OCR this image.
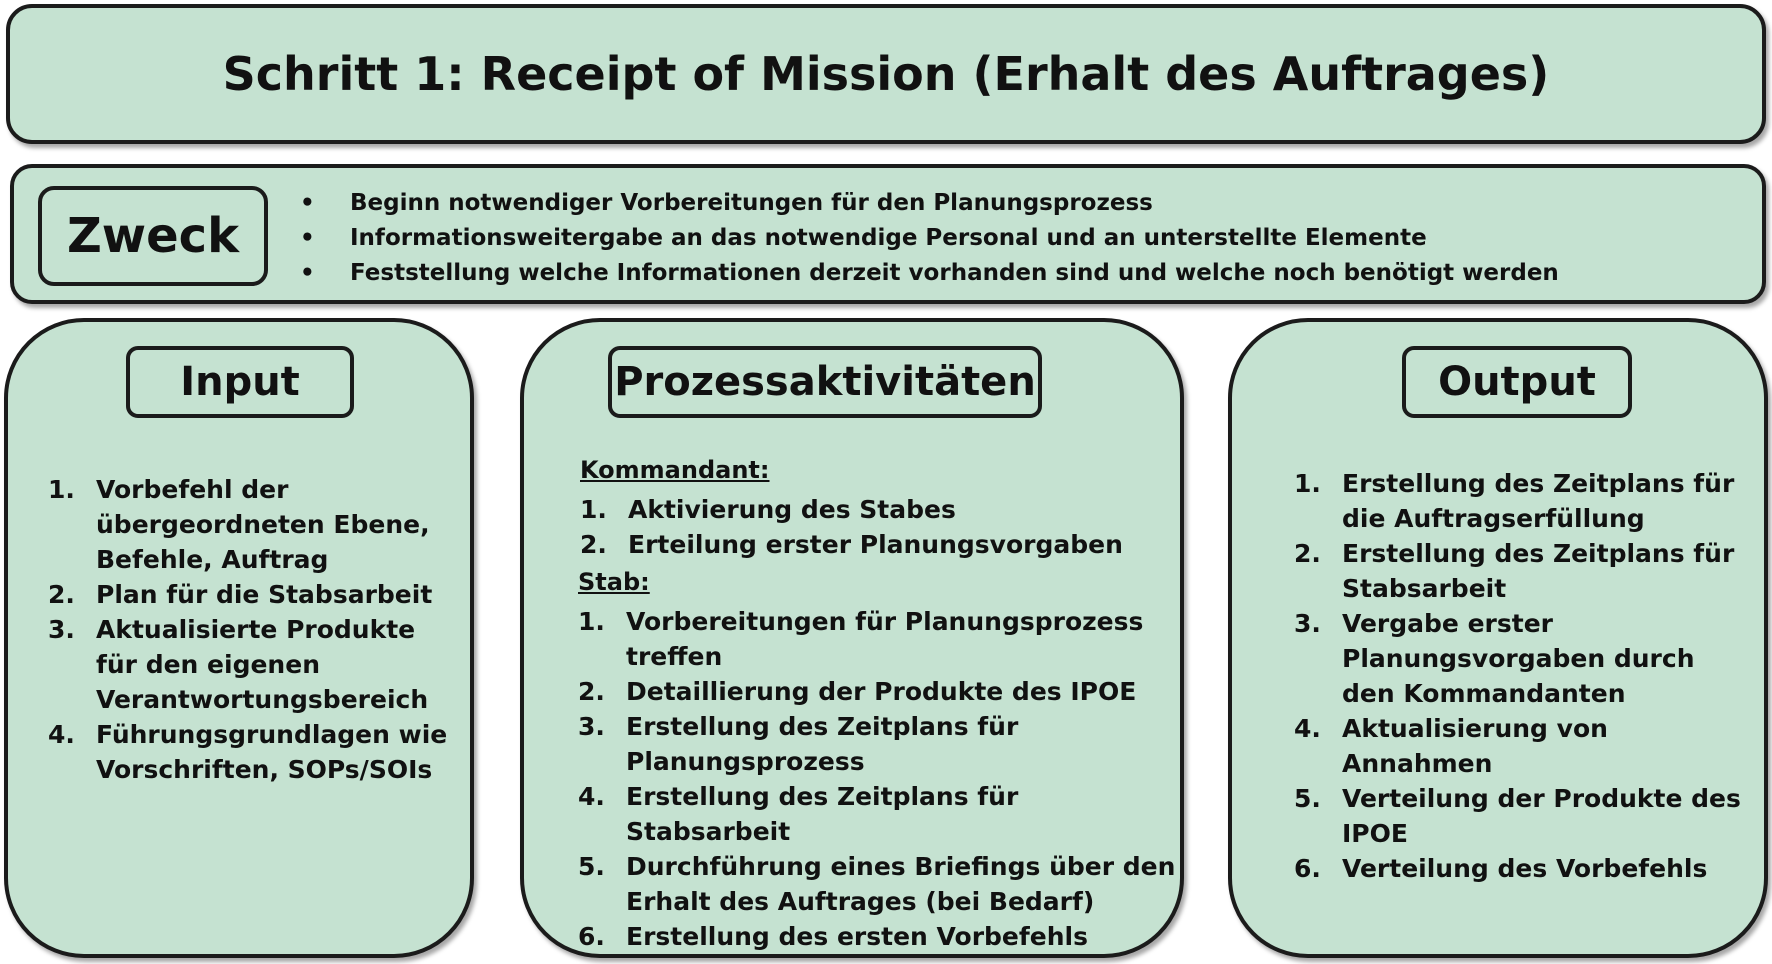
Schritt 1: Receipt of Mission (Erhalt des Auftrages)
Zweck
• Beginn notwendiger Vorbereitungen für den Planungsprozess
• Informationsweitergabe an das notwendige Personal und an unterstellte Elemente
• Feststellung welche Informationen derzeit vorhanden sind und welche noch benötigt werden
Input
1. Vorbefehl der übergeordneten Ebene, Befehle, Auftrag
2. Plan für die Stabsarbeit
3. Aktualisierte Produkte für den eigenen Verantwortungsbereich
4. Führungsgrundlagen wie Vorschriften, SOPs/SOIs
Prozessaktivitäten
Kommandant:
1. Aktivierung des Stabes
2. Erteilung erster Planungsvorgaben
Stab:
1. Vorbereitungen für Planungsprozess treffen
2. Detaillierung der Produkte des IPOE
3. Erstellung des Zeitplans für Planungsprozess
4. Erstellung des Zeitplans für Stabsarbeit
5. Durchführung eines Briefings über den Erhalt des Auftrages (bei Bedarf)
6. Erstellung des ersten Vorbefehls
Output
1. Erstellung des Zeitplans für die Auftragserfüllung
2. Erstellung des Zeitplans für Stabsarbeit
3. Vergabe erster Planungsvorgaben durch den Kommandanten
4. Aktualisierung von Annahmen
5. Verteilung der Produkte des IPOE
6. Verteilung des Vorbefehls
